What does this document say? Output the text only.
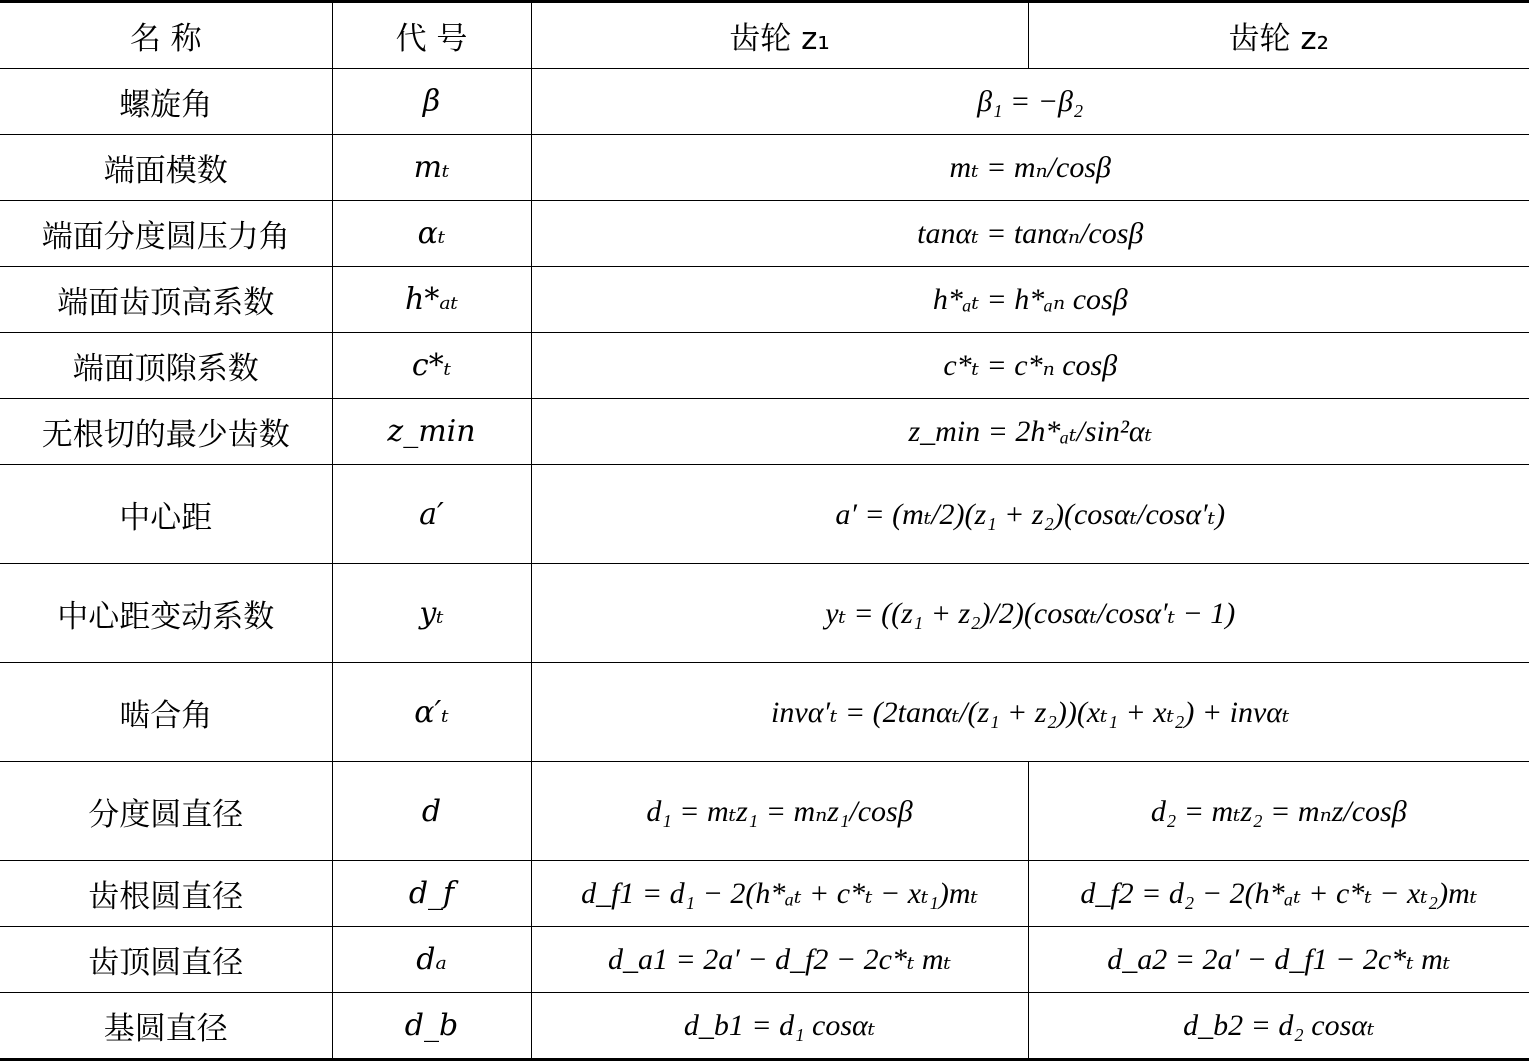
名 称	代 号	齿轮 z₁	齿轮 z₂
螺旋角	β	β₁ = −β₂	
端面模数	mₜ	mₜ = mₙ/cosβ	
端面分度圆压力角	αₜ	tanαₜ = tanαₙ/cosβ	
端面齿顶高系数	h*ₐₜ	h*ₐₜ = h*ₐₙ cosβ	
端面顶隙系数	c*ₜ	c*ₜ = c*ₙ cosβ	
无根切的最少齿数	z_min	z_min = 2h*ₐₜ/sin²αₜ	
中心距	a′	a′ = (mₜ/2)(z₁ + z₂)(cosαₜ/cosα′ₜ)	
中心距变动系数	yₜ	yₜ = ((z₁ + z₂)/2)(cosαₜ/cosα′ₜ − 1)	
啮合角	α′ₜ	invα′ₜ = (2tanαₜ/(z₁ + z₂))(xₜ₁ + xₜ₂) + invαₜ	
分度圆直径	d	d₁ = mₜz₁ = mₙz₁/cosβ	d₂ = mₜz₂ = mₙz/cosβ
齿根圆直径	d_f	d_f1 = d₁ − 2(h*ₐₜ + c*ₜ − xₜ₁)mₜ	d_f2 = d₂ − 2(h*ₐₜ + c*ₜ − xₜ₂)mₜ
齿顶圆直径	dₐ	d_a1 = 2a′ − d_f2 − 2c*ₜ mₜ	d_a2 = 2a′ − d_f1 − 2c*ₜ mₜ
基圆直径	d_b	d_b1 = d₁ cosαₜ	d_b2 = d₂ cosαₜ
